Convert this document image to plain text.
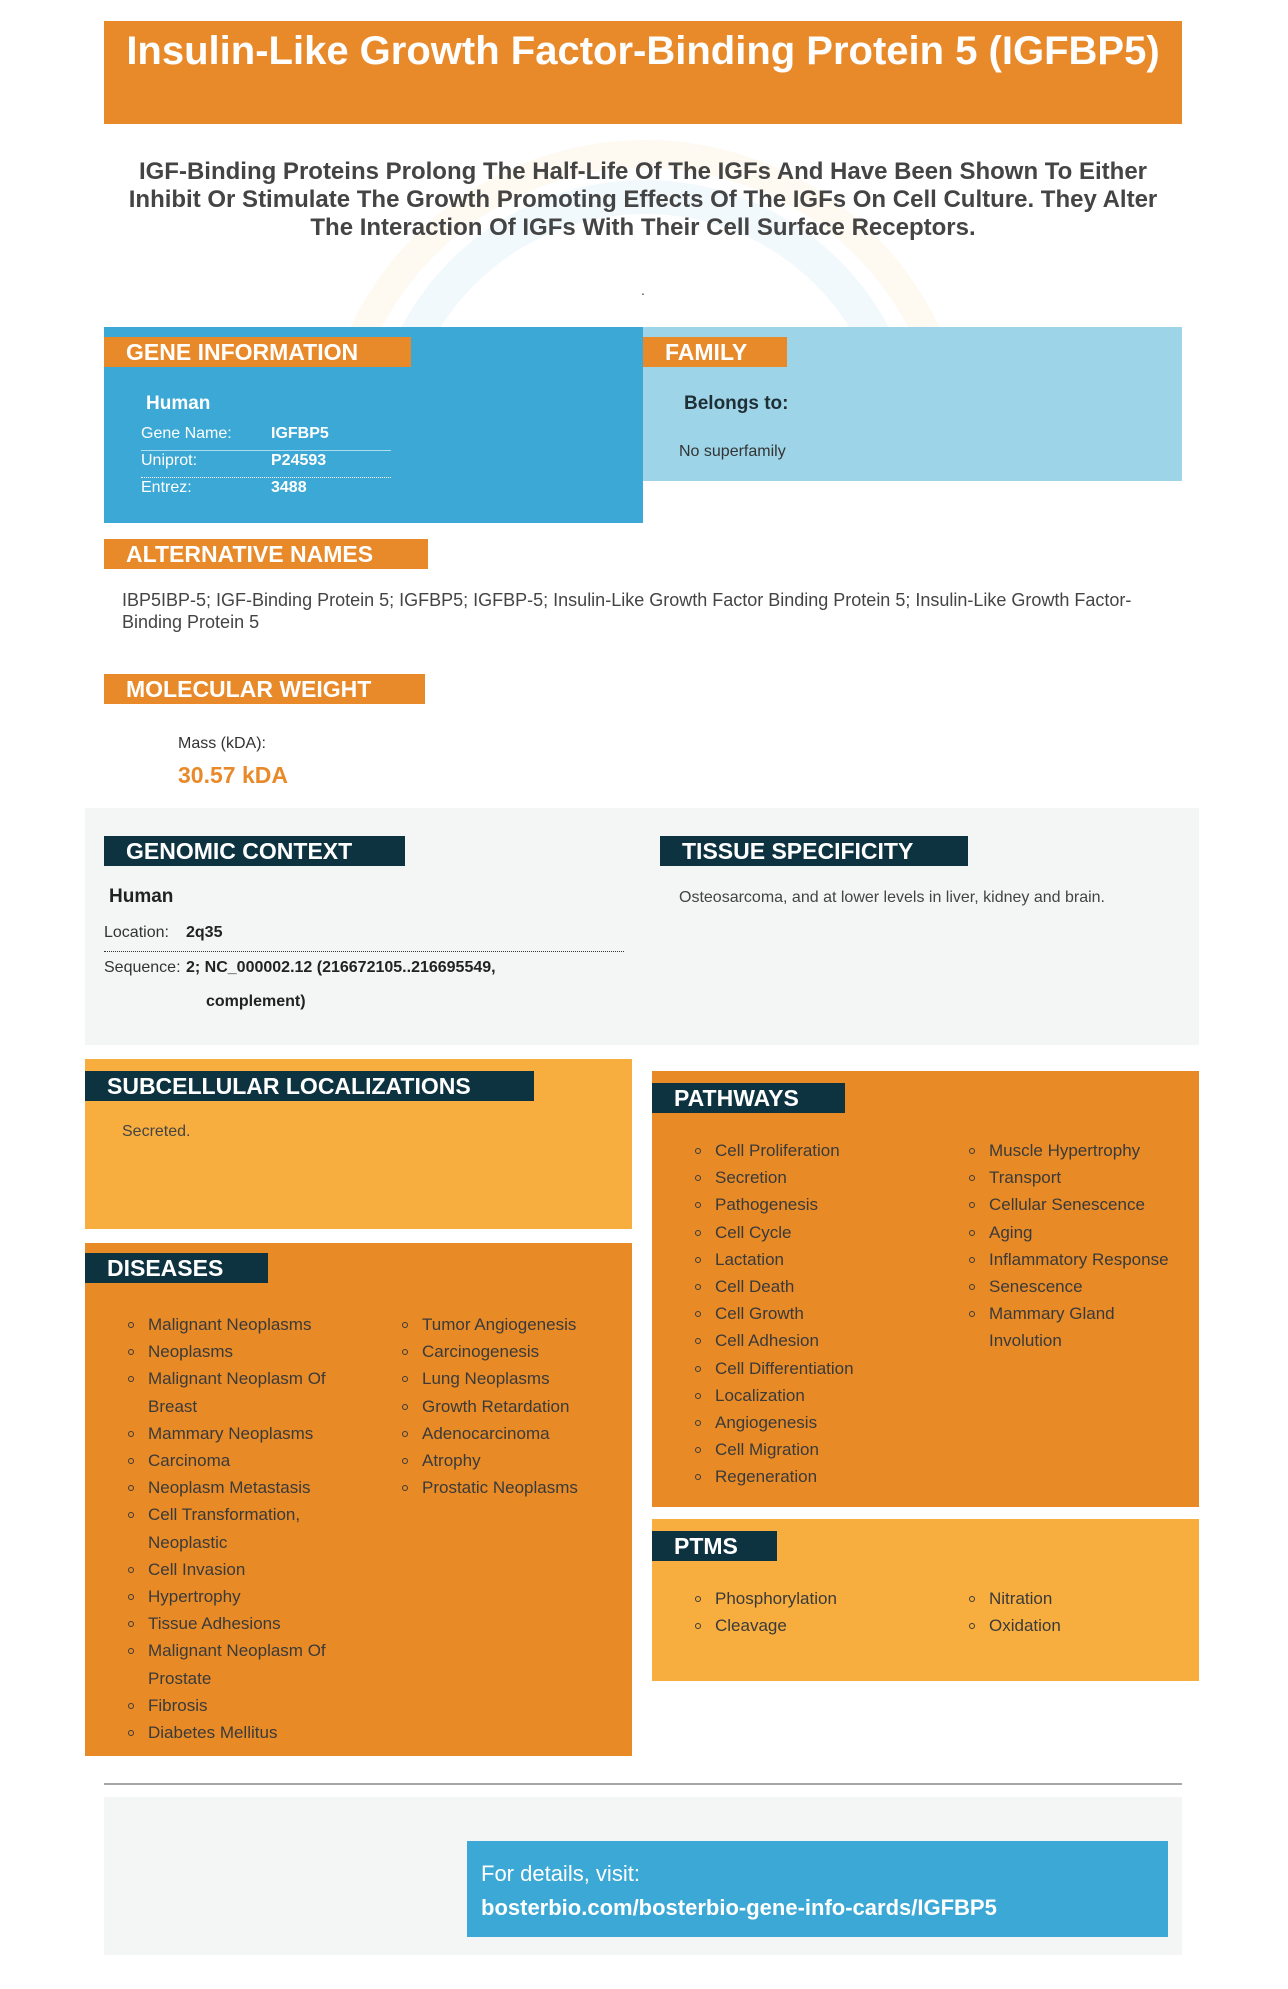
Insulin-Like Growth Factor-Binding Protein 5 (IGFBP5)
IGF-Binding Proteins Prolong The Half-Life Of The IGFs And Have Been Shown To Either Inhibit Or Stimulate The Growth Promoting Effects Of The IGFs On Cell Culture. They Alter The Interaction Of IGFs With Their Cell Surface Receptors.
.
GENE INFORMATION
Human
Gene Name: IGFBP5
Uniprot:	P24593
Entrez:	3488
FAMILY
Belongs to:
No superfamily
ALTERNATIVE NAMES
IBP5IBP-5; IGF-Binding Protein 5; IGFBP5; IGFBP-5; Insulin-Like Growth Factor Binding Protein 5; Insulin-Like Growth Factor-Binding Protein 5
MOLECULAR WEIGHT
Mass (kDA):
30.57 kDA
GENOMIC CONTEXT
Human
Location: 2q35
Sequence: 2; NC_000002.12 (216672105..216695549,
complement)
TISSUE SPECIFICITY
Osteosarcoma, and at lower levels in liver, kidney and brain.
SUBCELLULAR LOCALIZATIONS
Secreted.
DISEASES
Malignant Neoplasms
Neoplasms
Malignant Neoplasm Of Breast
Mammary Neoplasms
Carcinoma
Neoplasm Metastasis
Cell Transformation, Neoplastic
Cell Invasion
Hypertrophy
Tissue Adhesions
Malignant Neoplasm Of Prostate
Fibrosis
Diabetes Mellitus
Tumor Angiogenesis
Carcinogenesis
Lung Neoplasms
Growth Retardation
Adenocarcinoma
Atrophy
Prostatic Neoplasms
PATHWAYS
Cell Proliferation
Secretion
Pathogenesis
Cell Cycle
Lactation
Cell Death
Cell Growth
Cell Adhesion
Cell Differentiation
Localization
Angiogenesis
Cell Migration
Regeneration
Muscle Hypertrophy
Transport
Cellular Senescence
Aging
Inflammatory Response
Senescence
Mammary Gland Involution
PTMS
Phosphorylation
Cleavage
Nitration
Oxidation
For details, visit:
bosterbio.com/bosterbio-gene-info-cards/IGFBP5
